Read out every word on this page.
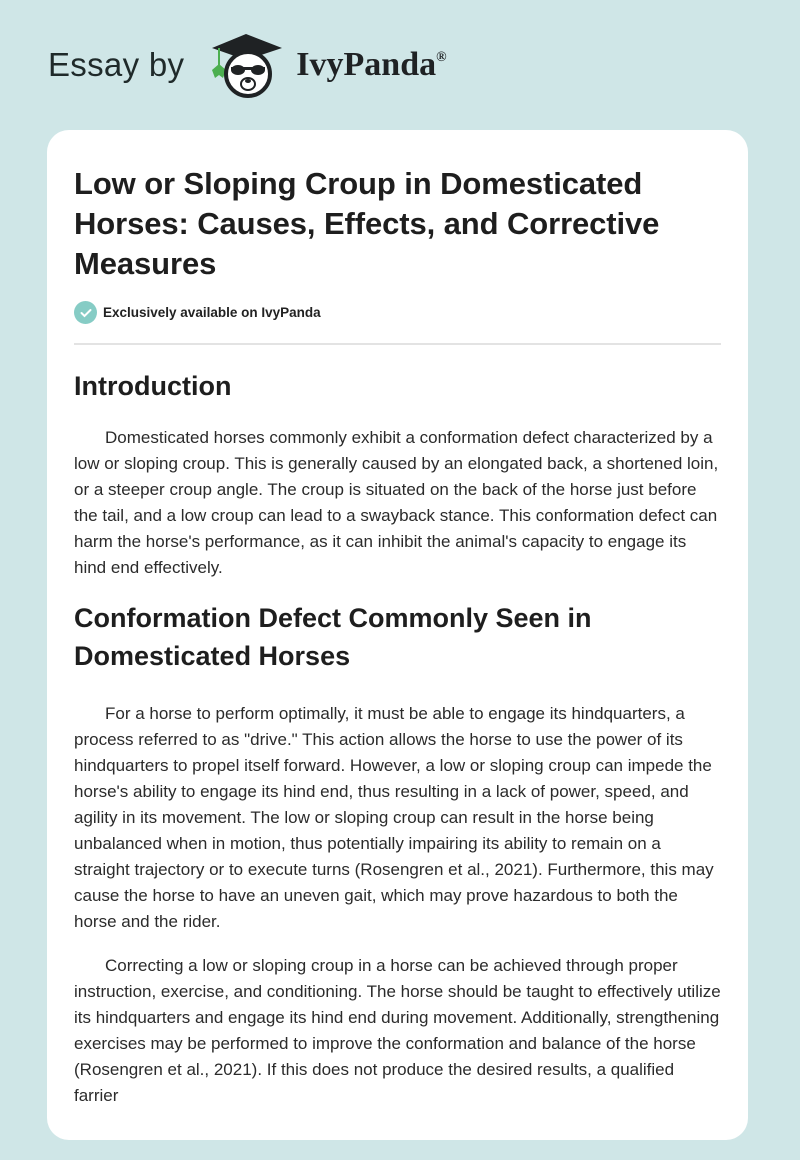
Essay by	IvyPanda®
Low or Sloping Croup in Domesticated Horses: Causes, Effects, and Corrective Measures
Exclusively available on IvyPanda
Introduction

Domesticated horses commonly exhibit a conformation defect characterized by a low or sloping croup. This is generally caused by an elongated back, a shortened loin, or a steeper croup angle. The croup is situated on the back of the horse just before the tail, and a low croup can lead to a swayback stance. This conformation defect can harm the horse's performance, as it can inhibit the animal's capacity to engage its hind end effectively.

Conformation Defect Commonly Seen in Domesticated Horses

For a horse to perform optimally, it must be able to engage its hindquarters, a process referred to as "drive." This action allows the horse to use the power of its hindquarters to propel itself forward. However, a low or sloping croup can impede the horse's ability to engage its hind end, thus resulting in a lack of power, speed, and agility in its movement. The low or sloping croup can result in the horse being unbalanced when in motion, thus potentially impairing its ability to remain on a straight trajectory or to execute turns (Rosengren et al., 2021). Furthermore, this may cause the horse to have an uneven gait, which may prove hazardous to both the horse and the rider.

Correcting a low or sloping croup in a horse can be achieved through proper instruction, exercise, and conditioning. The horse should be taught to effectively utilize its hindquarters and engage its hind end during movement. Additionally, strengthening exercises may be performed to improve the conformation and balance of the horse (Rosengren et al., 2021). If this does not produce the desired results, a qualified farrier
